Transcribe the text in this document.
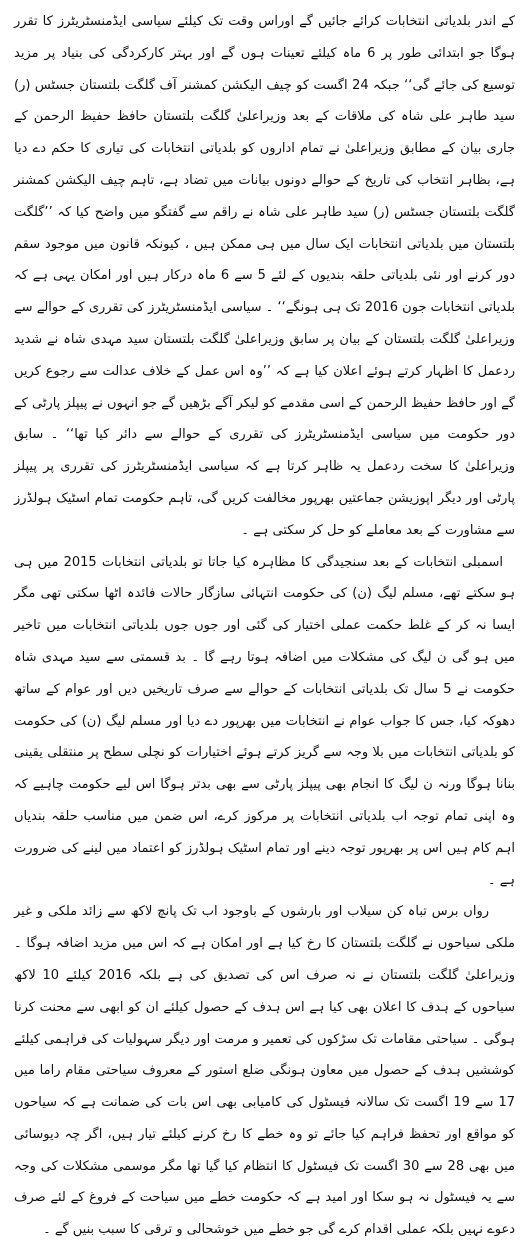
کے اندر بلدیاتی انتخابات کرائے جائیں گے اوراس وقت تک کیلئے سیاسی ایڈمنسٹریٹرز کا تقرر ہوگا جو ابتدائی طور پر 6 ماہ کیلئے تعینات ہوں گے اور بہتر کارکردگی کی بنیاد پر مزید توسیع کی جائے گی‘‘ جبکہ 24 اگست کو چیف الیکشن کمشنر آف گلگت بلتستان جسٹس (ر) سید طاہر علی شاہ کی ملاقات کے بعد وزیراعلیٰ گلگت بلتستان حافظ حفیظ الرحمن کے جاری بیان کے مطابق وزیراعلیٰ نے تمام اداروں کو بلدیاتی انتخابات کی تیاری کا حکم دے دیا ہے، بظاہر انتخاب کی تاریخ کے حوالے دونوں بیانات میں تضاد ہے، تاہم چیف الیکشن کمشنر گلگت بلتستان جسٹس (ر) سید طاہر علی شاہ نے راقم سے گفتگو میں واضح کیا کہ ’’گلگت بلتستان میں بلدیاتی انتخابات ایک سال میں ہی ممکن ہیں ، کیونکہ قانون میں موجود سقم دور کرنے اور نئی بلدیاتی حلقہ بندیوں کے لئے 5 سے 6 ماہ درکار ہیں اور امکان یہی ہے کہ بلدیاتی انتخابات جون 2016 تک ہی ہونگے‘‘ ۔ سیاسی ایڈمنسٹریٹرز کی تقرری کے حوالے سے وزیراعلیٰ گلگت بلتستان کے بیان پر سابق وزیراعلیٰ گلگت بلتستان سید مہدی شاہ نے شدید ردعمل کا اظہار کرتے ہوئے اعلان کیا ہے کہ ’’وہ اس عمل کے خلاف عدالت سے رجوع کریں گے اور حافظ حفیظ الرحمن کے اسی مقدمے کو لیکر آگے بڑھیں گے جو انہوں نے پیپلز پارٹی کے دور حکومت میں سیاسی ایڈمنسٹریٹرز کی تقرری کے حوالے سے دائر کیا تھا‘‘ ۔ سابق وزیراعلیٰ کا سخت ردعمل یہ ظاہر کرتا ہے کہ سیاسی ایڈمنسٹریٹرز کی تقرری پر پیپلز پارٹی اور دیگر اپوزیشن جماعتیں بھرپور مخالفت کریں گی، تاہم حکومت تمام اسٹیک ہولڈرز سے مشاورت کے بعد معاملے کو حل کر سکتی ہے ۔

اسمبلی انتخابات کے بعد سنجیدگی کا مظاہرہ کیا جاتا تو بلدیاتی انتخابات 2015 میں ہی ہو سکتے تھے، مسلم لیگ (ن) کی حکومت انتہائی سازگار حالات فائدہ اٹھا سکتی تھی مگر ایسا نہ کر کے غلط حکمت عملی اختیار کی گئی اور جوں جوں بلدیاتی انتخابات میں تاخیر میں ہو گی ن لیگ کی مشکلات میں اضافہ ہوتا رہے گا ۔ بد قسمتی سے سید مہدی شاہ حکومت نے 5 سال تک بلدیاتی انتخابات کے حوالے سے صرف تاریخیں دیں اور عوام کے ساتھ دھوکہ کیا، جس کا جواب عوام نے انتخابات میں بھرپور دے دیا اور مسلم لیگ (ن) کی حکومت کو بلدیاتی انتخابات میں بلا وجہ سے گریز کرتے ہوئے اختیارات کو نچلی سطح پر منتقلی یقینی بنانا ہوگا ورنہ ن لیگ کا انجام بھی پیپلز پارٹی سے بھی بدتر ہوگا اس لیے حکومت چاہیے کہ وہ اپنی تمام توجہ اب بلدیاتی انتخابات پر مرکوز کرے، اس ضمن میں مناسب حلقہ بندیاں اہم کام ہیں اس پر بھرپور توجہ دینے اور تمام اسٹیک ہولڈرز کو اعتماد میں لینے کی ضرورت ہے ۔

رواں برس تباہ کن سیلاب اور بارشوں کے باوجود اب تک پانچ لاکھ سے زائد ملکی و غیر ملکی سیاحوں نے گلگت بلتستان کا رخ کیا ہے اور امکان ہے کہ اس میں مزید اضافہ ہوگا ۔ وزیراعلیٰ گلگت بلتستان نے نہ صرف اس کی تصدیق کی ہے بلکہ 2016 کیلئے 10 لاکھ سیاحوں کے ہدف کا اعلان بھی کیا ہے اس ہدف کے حصول کیلئے ان کو ابھی سے محنت کرنا ہوگی ۔ سیاحتی مقامات تک سڑکوں کی تعمیر و مرمت اور دیگر سہولیات کی فراہمی کیلئے کوششیں ہدف کے حصول میں معاون ہونگی ضلع استور کے معروف سیاحتی مقام راما میں 17 سے 19 اگست تک سالانہ فیسٹول کی کامیابی بھی اس بات کی ضمانت ہے کہ سیاحوں کو مواقع اور تحفظ فراہم کیا جائے تو وہ خطے کا رخ کرنے کیلئے تیار ہیں، اگر چہ دیوسائی میں بھی 28 سے 30 اگست تک فیسٹول کا انتظام کیا گیا تھا مگر موسمی مشکلات کی وجہ سے یہ فیسٹول نہ ہو سکا اور امید ہے کہ حکومت خطے میں سیاحت کے فروغ کے لئے صرف دعوے نہیں بلکہ عملی اقدام کرے گی جو خطے میں خوشحالی و ترقی کا سبب بنیں گے ۔
